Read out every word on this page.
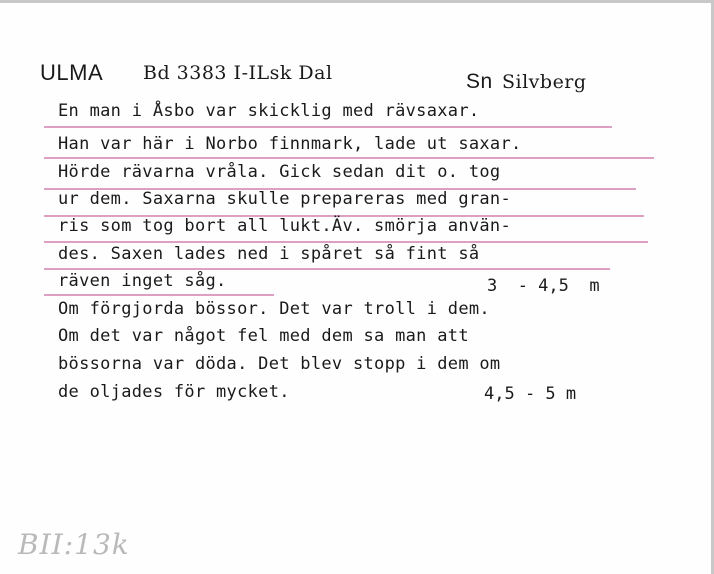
ULMA Bd 3383 I-ILsk Dal	Sn Silvberg
En man i Åsbo var skicklig med rävsaxar.
Han var här i Norbo finnmark, lade ut saxar.
Hörde rävarna vråla. Gick sedan dit o. tog
ur dem. Saxarna skulle prepareras med gran-
ris som tog bort all lukt.Äv. smörja använ-
des. Saxen lades ned i spåret så fint så
räven inget såg.	3  - 4,5  m
Om förgjorda bössor. Det var troll i dem.
Om det var något fel med dem sa man att
bössorna var döda. Det blev stopp i dem om
de oljades för mycket.	4,5 - 5 m
BII:13k
